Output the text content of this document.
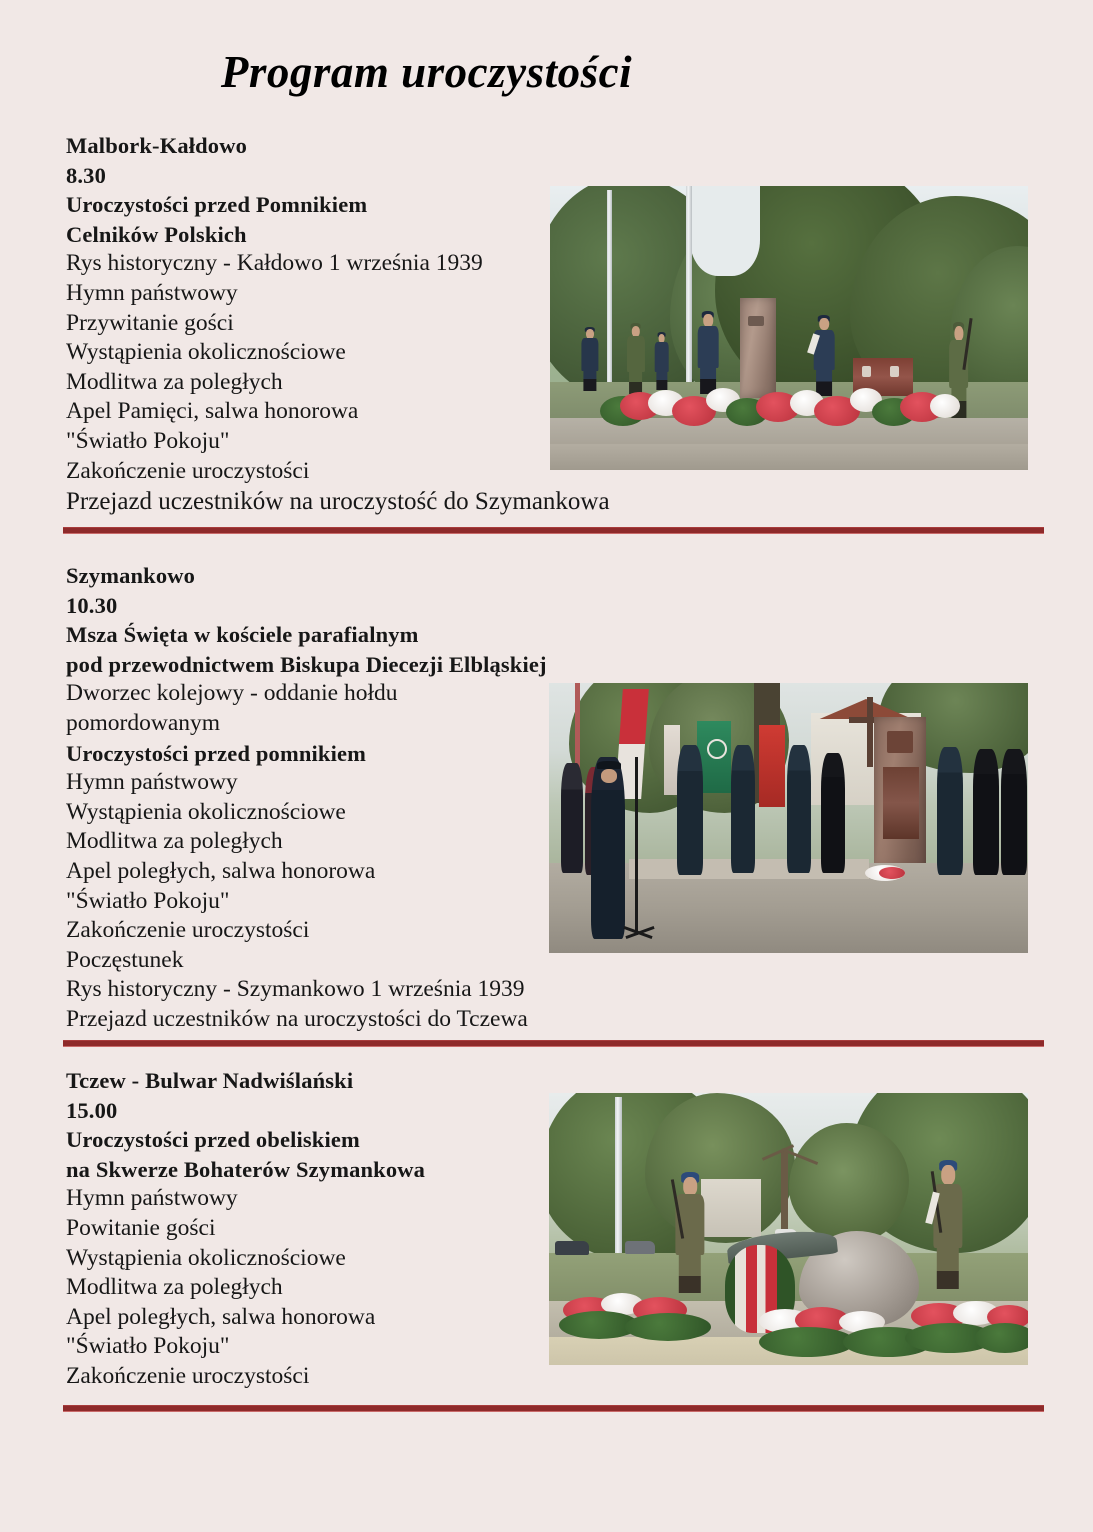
Program uroczystości
Malbork-Kałdowo
8.30
Uroczystości przed Pomnikiem
Celników Polskich
Rys historyczny - Kałdowo 1 września 1939
Hymn państwowy
Przywitanie gości
Wystąpienia okolicznościowe
Modlitwa za poległych
Apel Pamięci, salwa honorowa
"Światło Pokoju"
Zakończenie uroczystości
Przejazd uczestników na uroczystość do Szymankowa
Szymankowo
10.30
Msza Święta w kościele parafialnym
pod przewodnictwem Biskupa Diecezji Elbląskiej
Dworzec kolejowy - oddanie hołdu
pomordowanym
Uroczystości przed pomnikiem
Hymn państwowy
Wystąpienia okolicznościowe
Modlitwa za poległych
Apel poległych, salwa honorowa
"Światło Pokoju"
Zakończenie uroczystości
Poczęstunek
Rys historyczny - Szymankowo 1 września 1939
Przejazd uczestników na uroczystości do Tczewa
Tczew - Bulwar Nadwiślański
15.00
Uroczystości przed obeliskiem
na Skwerze Bohaterów Szymankowa
Hymn państwowy
Powitanie gości
Wystąpienia okolicznościowe
Modlitwa za poległych
Apel poległych, salwa honorowa
"Światło Pokoju"
Zakończenie uroczystości
